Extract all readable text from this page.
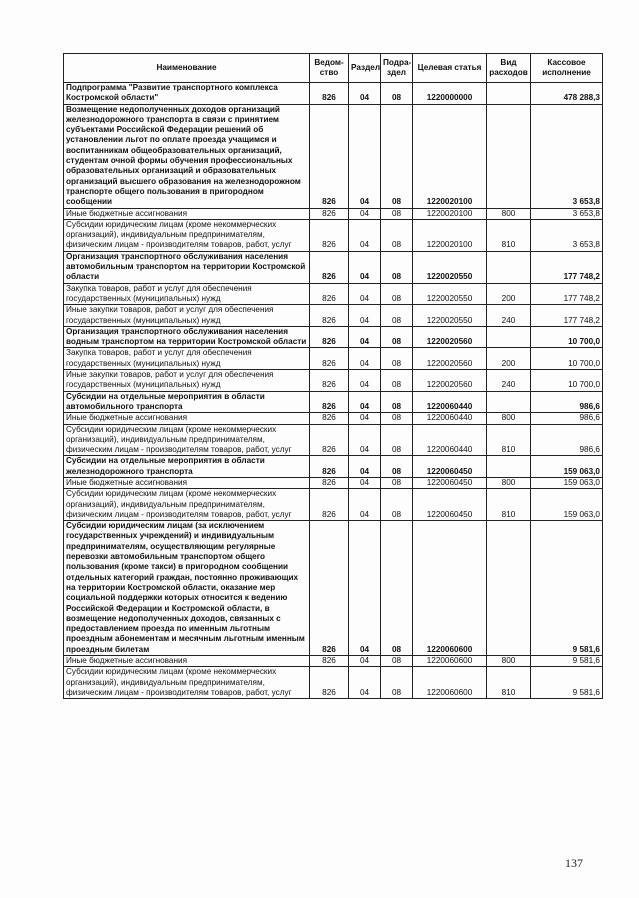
Наименование	Ведом-ство	Раздел	Подра-здел	Целевая статья	Вид расходов	Кассовое исполнение
Подпрограмма "Развитие транспортного комплекса Костромской области"	826	04	08	1220000000		478 288,3
Возмещение недополученных доходов организаций железнодорожного транспорта в связи с принятием субъектами Российской Федерации решений об установлении льгот по оплате проезда учащимся и воспитанникам общеобразовательных организаций, студентам очной формы обучения профессиональных образовательных организаций и образовательных организаций высшего образования на железнодорожном транспорте общего пользования в пригородном сообщении	826	04	08	1220020100		3 653,8
Иные бюджетные ассигнования	826	04	08	1220020100	800	3 653,8
Субсидии юридическим лицам (кроме некоммерческих организаций), индивидуальным предпринимателям, физическим лицам - производителям товаров, работ, услуг	826	04	08	1220020100	810	3 653,8
Организация транспортного обслуживания населения автомобильным транспортом на территории Костромской области	826	04	08	1220020550		177 748,2
Закупка товаров, работ и услуг для обеспечения государственных (муниципальных) нужд	826	04	08	1220020550	200	177 748,2
Иные закупки товаров, работ и услуг для обеспечения государственных (муниципальных) нужд	826	04	08	1220020550	240	177 748,2
Организация транспортного обслуживания населения водным транспортом на территории Костромской области	826	04	08	1220020560		10 700,0
Закупка товаров, работ и услуг для обеспечения государственных (муниципальных) нужд	826	04	08	1220020560	200	10 700,0
Иные закупки товаров, работ и услуг для обеспечения государственных (муниципальных) нужд	826	04	08	1220020560	240	10 700,0
Субсидии на отдельные мероприятия в области автомобильного транспорта	826	04	08	1220060440		986,6
Иные бюджетные ассигнования	826	04	08	1220060440	800	986,6
Субсидии юридическим лицам (кроме некоммерческих организаций), индивидуальным предпринимателям, физическим лицам - производителям товаров, работ, услуг	826	04	08	1220060440	810	986,6
Субсидии на отдельные мероприятия в области железнодорожного транспорта	826	04	08	1220060450		159 063,0
Иные бюджетные ассигнования	826	04	08	1220060450	800	159 063,0
Субсидии юридическим лицам (кроме некоммерческих организаций), индивидуальным предпринимателям, физическим лицам - производителям товаров, работ, услуг	826	04	08	1220060450	810	159 063,0
Субсидии юридическим лицам (за исключением государственных учреждений) и индивидуальным предпринимателям, осуществляющим регулярные перевозки автомобильным транспортом общего пользования (кроме такси) в пригородном сообщении отдельных категорий граждан, постоянно проживающих на территории Костромской области, оказание мер социальной поддержки которых относится к ведению Российской Федерации и Костромской области, в возмещение недополученных доходов, связанных с предоставлением проезда по именным льготным проездным абонементам и месячным льготным именным проездным билетам	826	04	08	1220060600		9 581,6
Иные бюджетные ассигнования	826	04	08	1220060600	800	9 581,6
Субсидии юридическим лицам (кроме некоммерческих организаций), индивидуальным предпринимателям, физическим лицам - производителям товаров, работ, услуг	826	04	08	1220060600	810	9 581,6
137
